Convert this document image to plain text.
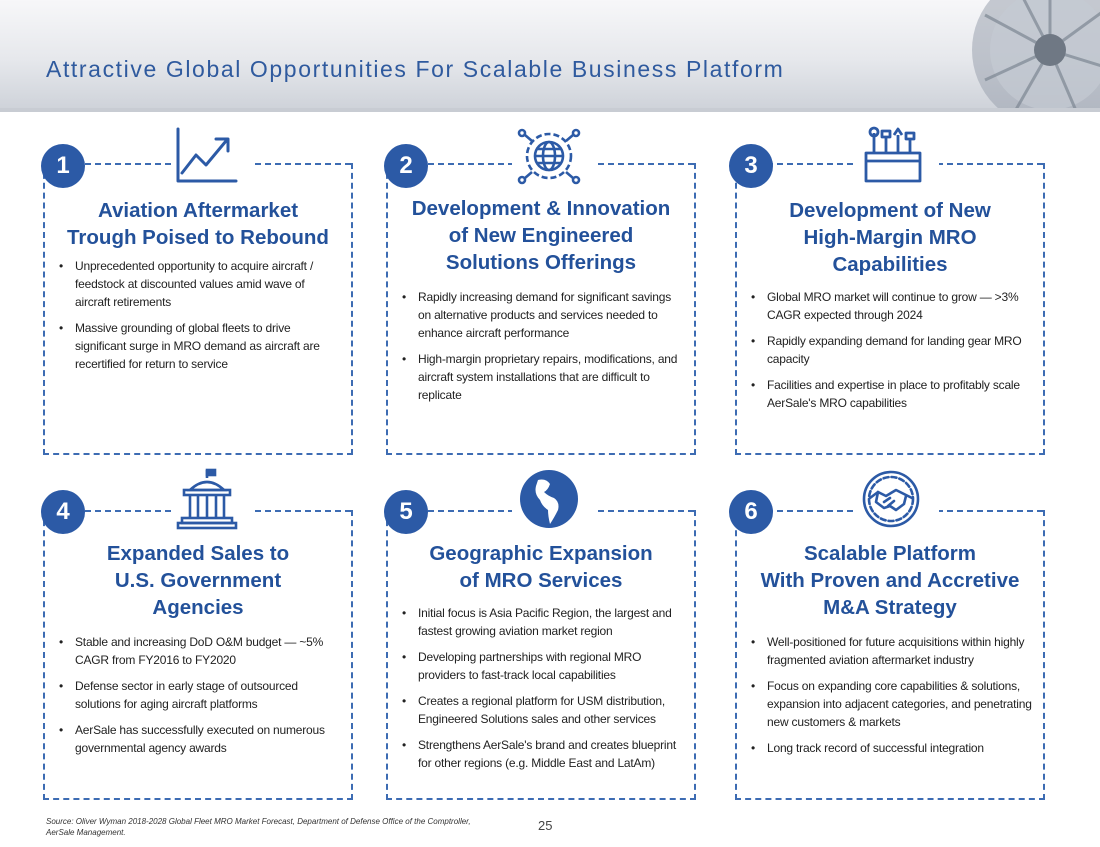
Attractive Global Opportunities For Scalable Business Platform
Aviation Aftermarket
Trough Poised to Rebound
• Unprecedented opportunity to acquire aircraft / feedstock at discounted values amid wave of aircraft retirements
• Massive grounding of global fleets to drive significant surge in MRO demand as aircraft are recertified for return to service
1
Development & Innovation
of New Engineered
Solutions Offerings
• Rapidly increasing demand for significant savings on alternative products and services needed to enhance aircraft performance
• High-margin proprietary repairs, modifications, and aircraft system installations that are difficult to replicate
2
Development of New
High-Margin MRO
Capabilities
• Global MRO market will continue to grow — >3% CAGR expected through 2024
• Rapidly expanding demand for landing gear MRO capacity
• Facilities and expertise in place to profitably scale AerSale's MRO capabilities
3
Expanded Sales to
U.S. Government
Agencies
• Stable and increasing DoD O&M budget — ~5% CAGR from FY2016 to FY2020
• Defense sector in early stage of outsourced solutions for aging aircraft platforms
• AerSale has successfully executed on numerous governmental agency awards
4
Geographic Expansion
of MRO Services
• Initial focus is Asia Pacific Region, the largest and fastest growing aviation market region
• Developing partnerships with regional MRO providers to fast-track local capabilities
• Creates a regional platform for USM distribution, Engineered Solutions sales and other services
• Strengthens AerSale's brand and creates blueprint for other regions (e.g. Middle East and LatAm)
5
Scalable Platform
With Proven and Accretive
M&A Strategy
• Well-positioned for future acquisitions within highly fragmented aviation aftermarket industry
• Focus on expanding core capabilities & solutions, expansion into adjacent categories, and penetrating new customers & markets
• Long track record of successful integration
6
Source: Oliver Wyman 2018-2028 Global Fleet MRO Market Forecast, Department of Defense Office of the Comptroller, AerSale Management.	25
